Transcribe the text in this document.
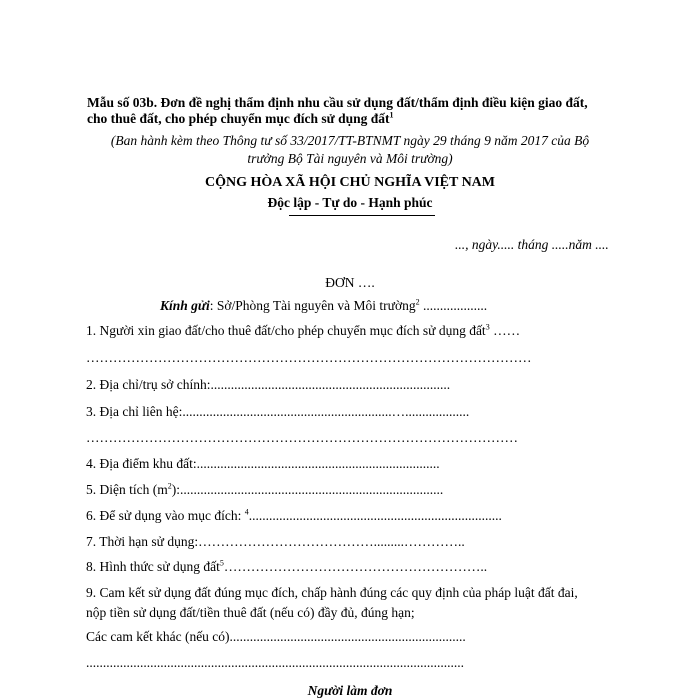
Mẫu số 03b. Đơn đề nghị thẩm định nhu cầu sử dụng đất/thẩm định điều kiện giao đất,
cho thuê đất, cho phép chuyển mục đích sử dụng đất$^1$
(Ban hành kèm theo Thông tư số 33/2017/TT-BTNMT ngày 29 tháng 9 năm 2017 của Bộ
trưởng Bộ Tài nguyên và Môi trường)
CỘNG HÒA XÃ HỘI CHỦ NGHĨA VIỆT NAM
Độc lập - Tự do - Hạnh phúc
..., ngày..... tháng .....năm ....
ĐƠN ….
Kính gửi: Sở/Phòng Tài nguyên và Môi trường$^2$ ...................
1. Người xin giao đất/cho thuê đất/cho phép chuyển mục đích sử dụng đất$^3$ ……
………………………………………………………………………………………
2. Địa chỉ/trụ sở chính:.......................................................................
3. Địa chỉ liên hệ:..............................................................…...................
……………………………………………………………………………………
4. Địa điểm khu đất:........................................................................
5. Diện tích $(m^2)$:..............................................................................
6. Để sử dụng vào mục đích: $^4$...........................................................................
7. Thời hạn sử dụng:………………………………….........…………..
8. Hình thức sử dụng đất$^5$…………………………………………………..
9. Cam kết sử dụng đất đúng mục đích, chấp hành đúng các quy định của pháp luật đất đai,
nộp tiền sử dụng đất/tiền thuê đất (nếu có) đầy đủ, đúng hạn;
Các cam kết khác (nếu có)......................................................................
................................................................................................................
Người làm đơn
